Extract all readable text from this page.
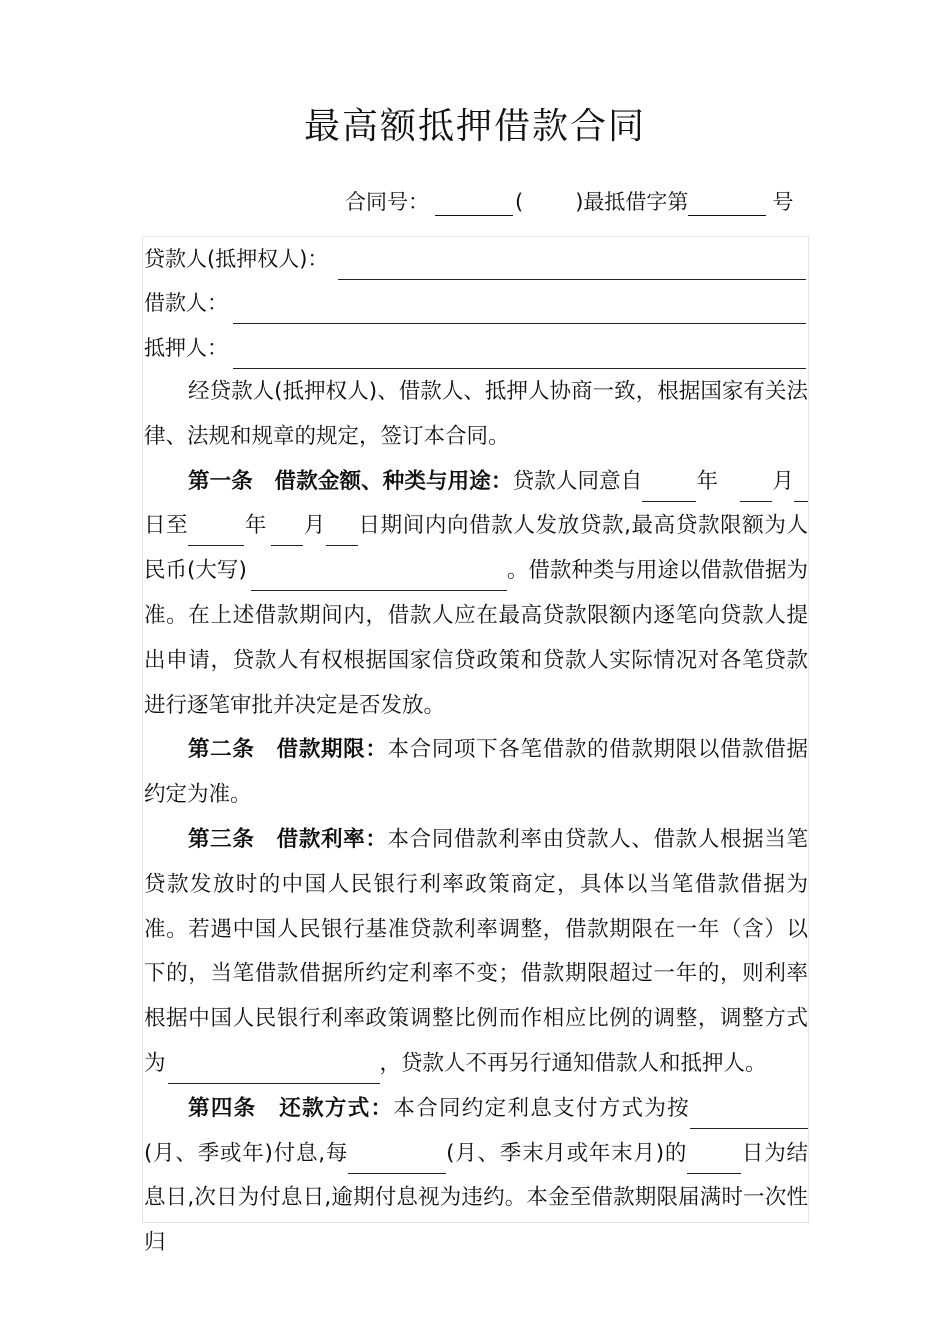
最高额抵押借款合同
合同号：	( )最抵借字第	号
贷款人(抵押权人)：
借款人：
抵押人：

经贷款人(抵押权人)、借款人、抵押人协商一致，根据国家有关法律、法规和规章的规定，签订本合同。

第一条　借款金额、种类与用途：贷款人同意自	年	月日至	年 月 日期间内向借款人发放贷款,最高贷款限额为人民币(大写)	。借款种类与用途以借款借据为准。在上述借款期间内，借款人应在最高贷款限额内逐笔向贷款人提出申请，贷款人有权根据国家信贷政策和贷款人实际情况对各笔贷款进行逐笔审批并决定是否发放。

第二条　借款期限：本合同项下各笔借款的借款期限以借款借据约定为准。

第三条　借款利率：本合同借款利率由贷款人、借款人根据当笔贷款发放时的中国人民银行利率政策商定，具体以当笔借款借据为准。若遇中国人民银行基准贷款利率调整，借款期限在一年（含）以下的，当笔借款借据所约定利率不变；借款期限超过一年的，则利率根据中国人民银行利率政策调整比例而作相应比例的调整，调整方式为	，贷款人不再另行通知借款人和抵押人。

第四条　还款方式：本合同约定利息支付方式为按(月、季或年)付息,每	(月、季末月或年末月)的	日为结息日,次日为付息日,逾期付息视为违约。本金至借款期限届满时一次性归
